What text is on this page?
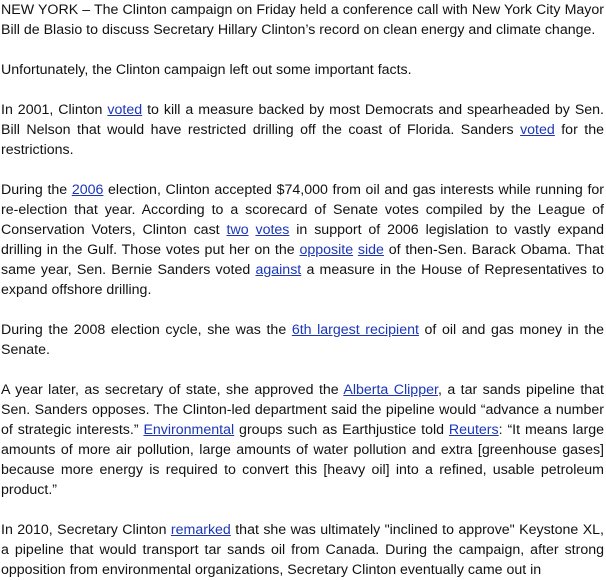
NEW YORK – The Clinton campaign on Friday held a conference call with New York City Mayor Bill de Blasio to discuss Secretary Hillary Clinton’s record on clean energy and climate change.

Unfortunately, the Clinton campaign left out some important facts.

In 2001, Clinton voted to kill a measure backed by most Democrats and spearheaded by Sen. Bill Nelson that would have restricted drilling off the coast of Florida. Sanders voted for the restrictions.

During the 2006 election, Clinton accepted $74,000 from oil and gas interests while running for re-election that year. According to a scorecard of Senate votes compiled by the League of Conservation Voters, Clinton cast two votes in support of 2006 legislation to vastly expand drilling in the Gulf. Those votes put her on the opposite side of then-Sen. Barack Obama. That same year, Sen. Bernie Sanders voted against a measure in the House of Representatives to expand offshore drilling.

During the 2008 election cycle, she was the 6th largest recipient of oil and gas money in the Senate.

A year later, as secretary of state, she approved the Alberta Clipper, a tar sands pipeline that Sen. Sanders opposes. The Clinton-led department said the pipeline would “advance a number of strategic interests.” Environmental groups such as Earthjustice told Reuters: “It means large amounts of more air pollution, large amounts of water pollution and extra [greenhouse gases] because more energy is required to convert this [heavy oil] into a refined, usable petroleum product.”

In 2010, Secretary Clinton remarked that she was ultimately "inclined to approve" Keystone XL, a pipeline that would transport tar sands oil from Canada. During the campaign, after strong opposition from environmental organizations, Secretary Clinton eventually came out in
